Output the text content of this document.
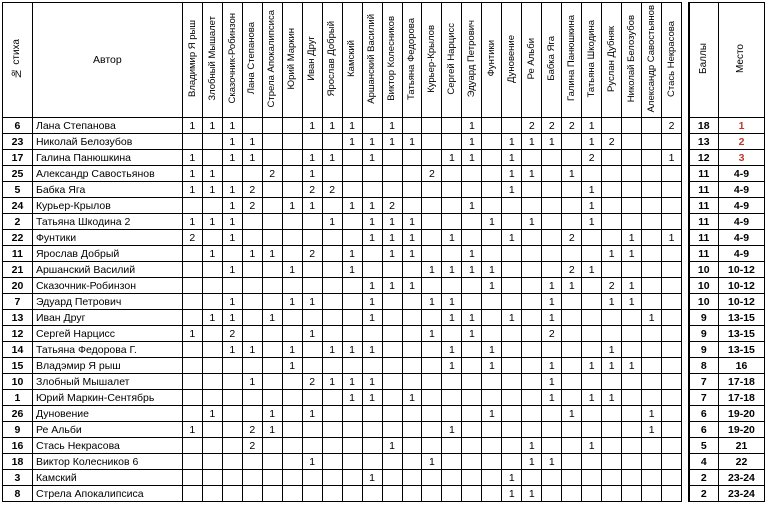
№ стиха	Автор	Владимир Я рыш	Злобный Мышалет	Сказочник-Робинзон	Лана Степанова	Стрела Апокалипсиса	Юрий Маркин	Иван Друг	Ярослав Добрый	Камский	Аршанский Василий	Виктор Колесников	Татьяна Федорова	Курьер-Крылов	Сергей Нарцисс	Эдуард Петрович	Фунтики	Дуновение	Ре Альби	Бабка Яга	Галина Панюшкина	Татьяна Шкодина	Руслан Дубняк	Николай Белозубов	Александр Савостьянов	Стась Некрасова		Баллы	Место
6	Лана Степанова	1	1	1				1	1	1		1				1			2	2	2	1				2		18	1
23	Николай Белозубов			1	1					1	1	1	1			1		1	1	1		1	2					13	2
17	Галина Панюшкина	1		1	1			1	1		1				1	1		1				2				1		12	3
25	Александр Савостьянов	1	1			2		1						2				1	1		1							11	4-9
5	Бабка Яга	1	1	1	2			2	2									1				1						11	4-9
24	Курьер-Крылов			1	2		1	1		1	1	2				1						1						11	4-9
2	Татьяна Шкодина 2	1	1	1					1		1	1	1				1		1			1						11	4-9
22	Фунтики	2		1							1	1	1		1			1			2			1		1		11	4-9
11	Ярослав Добрый		1		1	1		2		1		1	1			1							1	1				11	4-9
21	Аршанский Василий			1			1			1				1	1	1	1				2	1						10	10-12
20	Сказочник-Робинзон										1	1	1				1			1	1		2	1				10	10-12
7	Эдуард Петрович			1			1	1			1			1	1					1			1	1				10	10-12
13	Иван Друг		1	1		1					1				1	1		1		1					1			9	13-15
12	Сергей Нарцисс	1		2				1						1		1				2								9	13-15
14	Татьяна Федорова Г.			1	1		1		1	1	1				1		1						1					9	13-15
15	Владэмир Я рыш						1								1		1			1		1	1	1				8	16
10	Злобный Мышалет				1			2	1	1	1									1								7	17-18
1	Юрий Маркин-Сентябрь									1	1		1							1		1	1					7	17-18
26	Дуновение		1			1		1									1				1				1			6	19-20
9	Ре Альби	1			2	1									1										1			6	19-20
16	Стась Некрасова				2							1							1			1						5	21
18	Виктор Колесников 6							1						1					1	1								4	22
3	Камский										1							1										2	23-24
8	Стрела Апокалипсиса																	1	1									2	23-24
